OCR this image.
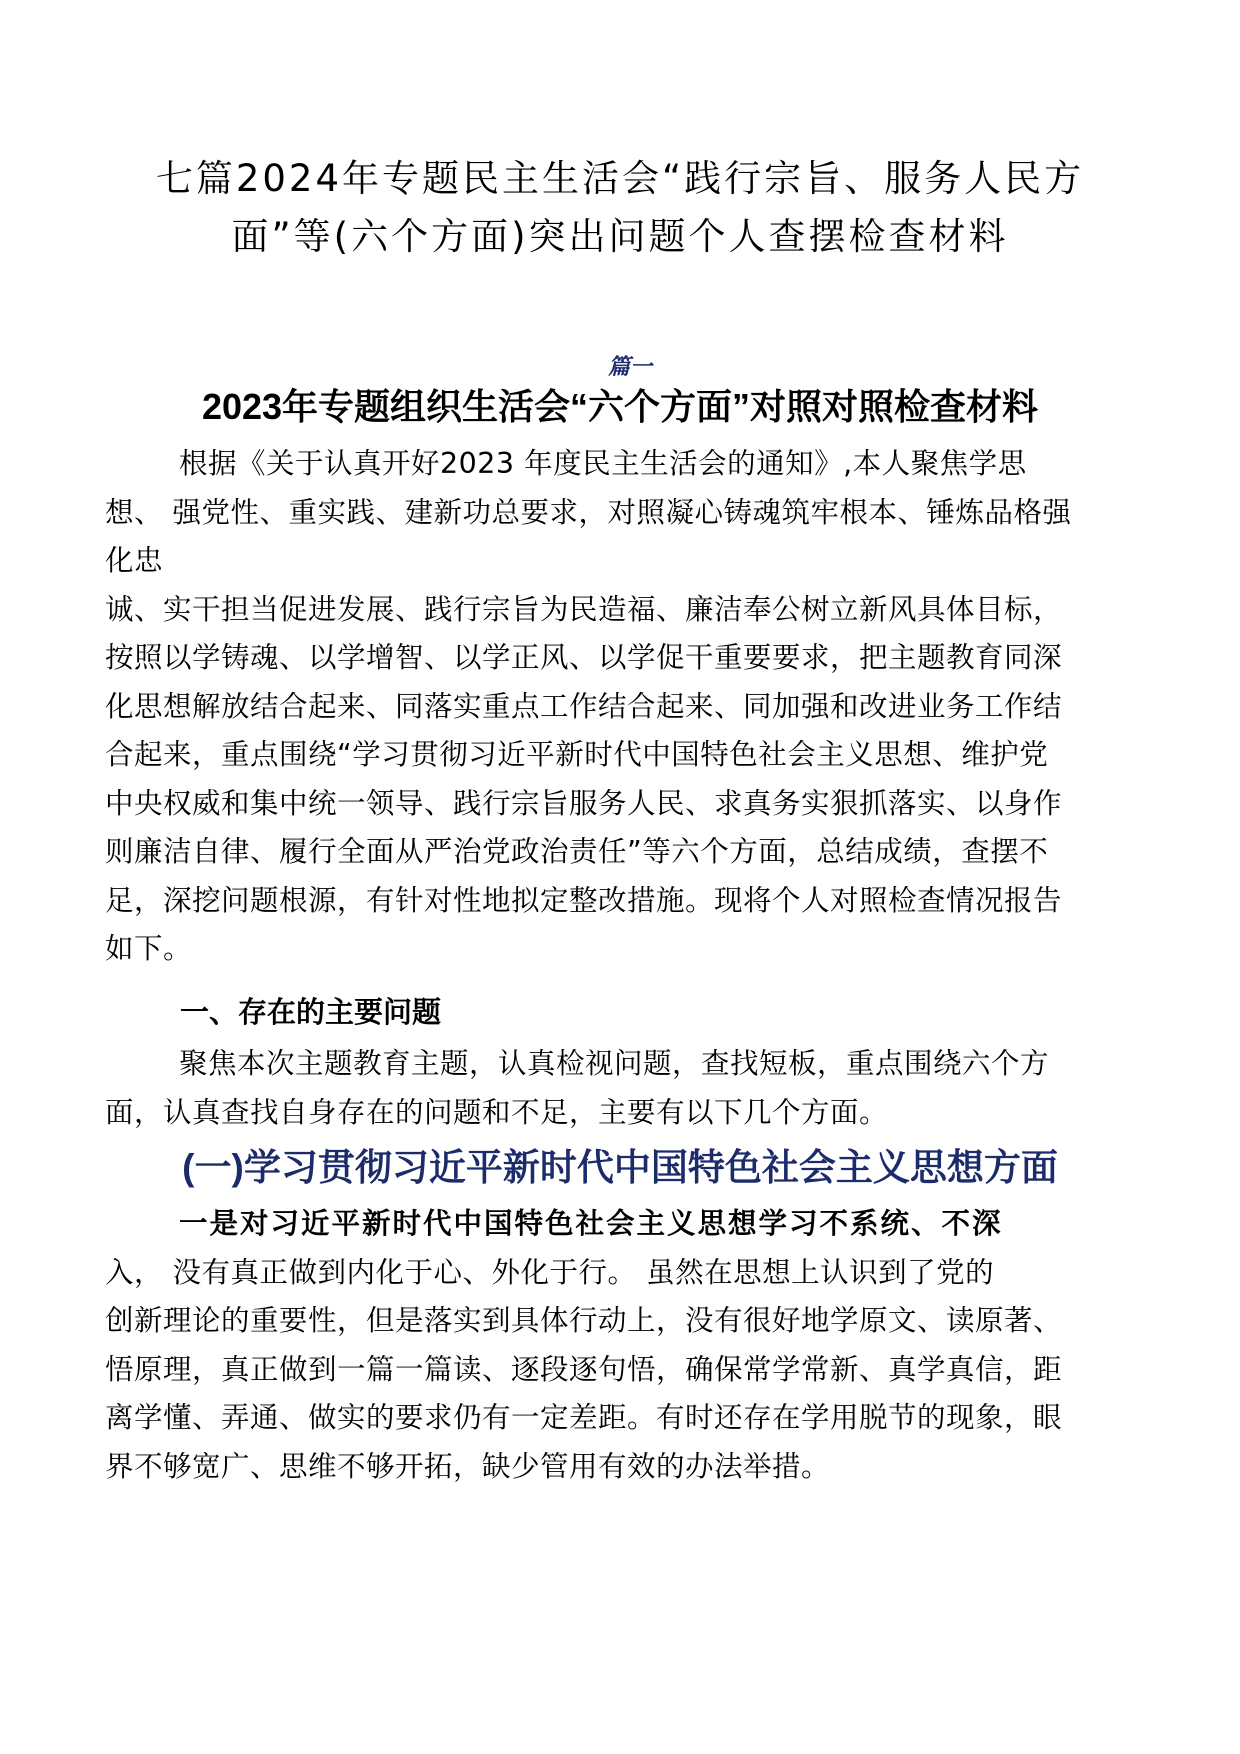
七篇2024年专题民主生活会“践行宗旨、服务人民方
面”等(六个方面)突出问题个人查摆检查材料
篇一
2023年专题组织生活会“六个方面”对照对照检查材料
根据《关于认真开好2023 年度民主生活会的通知》,本人聚焦学思
想、 强党性、重实践、建新功总要求，对照凝心铸魂筑牢根本、锤炼品格强
化忠
诚、实干担当促进发展、践行宗旨为民造福、廉洁奉公树立新风具体目标，
按照以学铸魂、以学增智、以学正风、以学促干重要要求，把主题教育同深
化思想解放结合起来、同落实重点工作结合起来、同加强和改进业务工作结
合起来，重点围绕“学习贯彻习近平新时代中国特色社会主义思想、维护党
中央权威和集中统一领导、践行宗旨服务人民、求真务实狠抓落实、以身作
则廉洁自律、履行全面从严治党政治责任”等六个方面，总结成绩，查摆不
足，深挖问题根源，有针对性地拟定整改措施。现将个人对照检查情况报告
如下。
一、存在的主要问题
聚焦本次主题教育主题，认真检视问题，查找短板，重点围绕六个方
面，认真查找自身存在的问题和不足，主要有以下几个方面。
(一)学习贯彻习近平新时代中国特色社会主义思想方面
一是对习近平新时代中国特色社会主义思想学习不系统、不深
入， 没有真正做到内化于心、外化于行。 虽然在思想上认识到了党的
创新理论的重要性，但是落实到具体行动上，没有很好地学原文、读原著、
悟原理，真正做到一篇一篇读、逐段逐句悟，确保常学常新、真学真信，距
离学懂、弄通、做实的要求仍有一定差距。有时还存在学用脱节的现象，眼
界不够宽广、思维不够开拓，缺少管用有效的办法举措。
